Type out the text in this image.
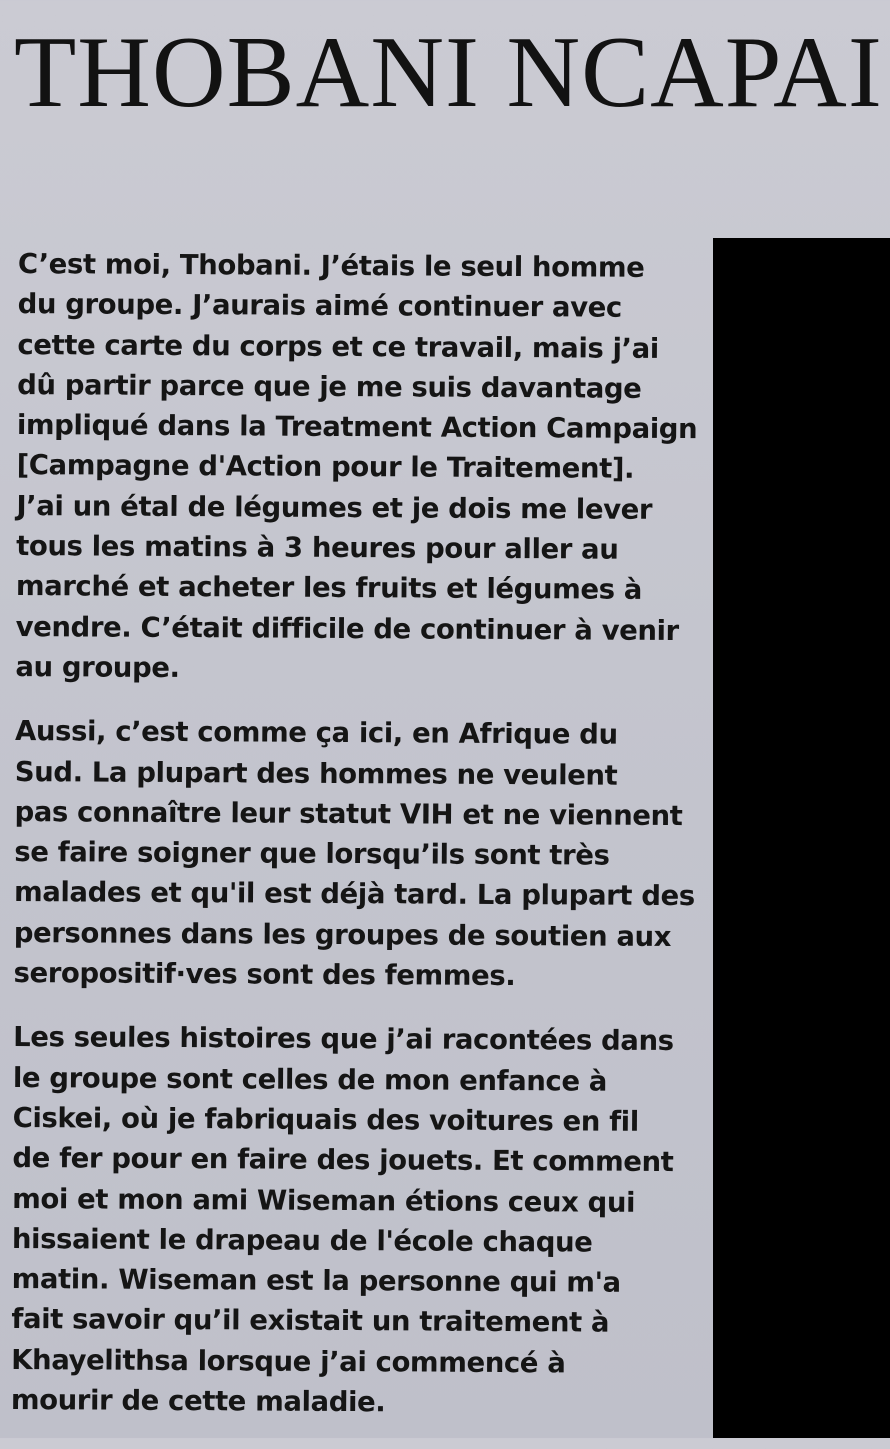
THOBANI NCAPAI

C’est moi, Thobani. J’étais le seul homme
du groupe. J’aurais aimé continuer avec
cette carte du corps et ce travail, mais j’ai
dû partir parce que je me suis davantage
impliqué dans la Treatment Action Campaign
[Campagne d'Action pour le Traitement].
J’ai un étal de légumes et je dois me lever
tous les matins à 3 heures pour aller au
marché et acheter les fruits et légumes à
vendre. C’était difficile de continuer à venir
au groupe.

Aussi, c’est comme ça ici, en Afrique du
Sud. La plupart des hommes ne veulent
pas connaître leur statut VIH et ne viennent
se faire soigner que lorsqu’ils sont très
malades et qu'il est déjà tard. La plupart des
personnes dans les groupes de soutien aux
seropositif·ves sont des femmes.

Les seules histoires que j’ai racontées dans
le groupe sont celles de mon enfance à
Ciskei, où je fabriquais des voitures en fil
de fer pour en faire des jouets. Et comment
moi et mon ami Wiseman étions ceux qui
hissaient le drapeau de l'école chaque
matin. Wiseman est la personne qui m'a
fait savoir qu’il existait un traitement à
Khayelithsa lorsque j’ai commencé à
mourir de cette maladie.
